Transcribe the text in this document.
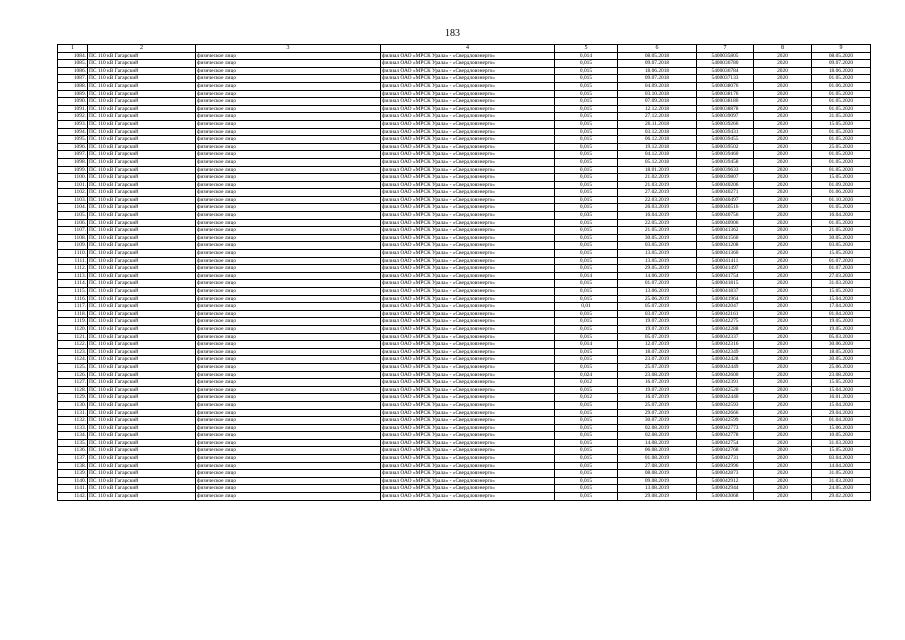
183
1	2	3	4	5	6	7	8	9
1084.	ПС 110 кВ Гагарский	физическое лицо	филиал ОАО «МРСК Урала» - «Свердловэнерго»	0,014	08.05.2018	5400035805	2020	08.05.2020
1085.	ПС 110 кВ Гагарский	физическое лицо	филиал ОАО «МРСК Урала» - «Свердловэнерго»	0,015	09.07.2018	5400036780	2020	09.07.2020
1086.	ПС 110 кВ Гагарский	физическое лицо	филиал ОАО «МРСК Урала» - «Свердловэнерго»	0,015	18.06.2018	5400036784	2020	18.06.2020
1087.	ПС 110 кВ Гагарский	физическое лицо	филиал ОАО «МРСК Урала» - «Свердловэнерго»	0,015	09.07.2018	5400037133	2020	01.05.2020
1088.	ПС 110 кВ Гагарский	физическое лицо	филиал ОАО «МРСК Урала» - «Свердловэнерго»	0,015	04.09.2018	5400038076	2020	01.06.2020
1089.	ПС 110 кВ Гагарский	физическое лицо	филиал ОАО «МРСК Урала» - «Свердловэнерго»	0,015	03.10.2018	5400038176	2020	01.05.2020
1090.	ПС 110 кВ Гагарский	физическое лицо	филиал ОАО «МРСК Урала» - «Свердловэнерго»	0,015	07.09.2018	5400038180	2020	01.05.2020
1091.	ПС 110 кВ Гагарский	физическое лицо	филиал ОАО «МРСК Урала» - «Свердловэнерго»	0,015	12.12.2018	5400038878	2020	01.05.2020
1092.	ПС 110 кВ Гагарский	физическое лицо	филиал ОАО «МРСК Урала» - «Свердловэнерго»	0,015	27.12.2018	5400039097	2020	31.05.2020
1093.	ПС 110 кВ Гагарский	физическое лицо	филиал ОАО «МРСК Урала» - «Свердловэнерго»	0,015	26.11.2018	5400039266	2020	15.05.2020
1094.	ПС 110 кВ Гагарский	физическое лицо	филиал ОАО «МРСК Урала» - «Свердловэнерго»	0,015	03.12.2018	5400039431	2020	01.05.2020
1095.	ПС 110 кВ Гагарский	физическое лицо	филиал ОАО «МРСК Урала» - «Свердловэнерго»	0,015	06.12.2018	5400039455	2020	01.05.2020
1096.	ПС 110 кВ Гагарский	физическое лицо	филиал ОАО «МРСК Урала» - «Свердловэнерго»	0,015	19.12.2018	5400039502	2020	25.05.2020
1097.	ПС 110 кВ Гагарский	физическое лицо	филиал ОАО «МРСК Урала» - «Свердловэнерго»	0,015	04.12.2018	5400039460	2020	01.05.2020
1098.	ПС 110 кВ Гагарский	физическое лицо	филиал ОАО «МРСК Урала» - «Свердловэнерго»	0,015	05.12.2018	5400039458	2020	01.05.2020
1099.	ПС 110 кВ Гагарский	физическое лицо	филиал ОАО «МРСК Урала» - «Свердловэнерго»	0,015	18.01.2019	5400039633	2020	01.05.2020
1100.	ПС 110 кВ Гагарский	физическое лицо	филиал ОАО «МРСК Урала» - «Свердловэнерго»	0,015	21.02.2019	5400039807	2020	15.05.2020
1101.	ПС 110 кВ Гагарский	физическое лицо	филиал ОАО «МРСК Урала» - «Свердловэнерго»	0,015	21.03.2019	5400040206	2020	01.09.2020
1102.	ПС 110 кВ Гагарский	физическое лицо	филиал ОАО «МРСК Урала» - «Свердловэнерго»	0,015	27.02.2019	5400040271	2020	01.06.2020
1103.	ПС 110 кВ Гагарский	физическое лицо	филиал ОАО «МРСК Урала» - «Свердловэнерго»	0,015	22.03.2019	5400040497	2020	01.10.2020
1104.	ПС 110 кВ Гагарский	физическое лицо	филиал ОАО «МРСК Урала» - «Свердловэнерго»	0,015	26.03.2019	5400040516	2020	01.05.2020
1105.	ПС 110 кВ Гагарский	физическое лицо	филиал ОАО «МРСК Урала» - «Свердловэнерго»	0,035	16.04.2019	5400040756	2020	16.04.2020
1106.	ПС 110 кВ Гагарский	физическое лицо	филиал ОАО «МРСК Урала» - «Свердловэнерго»	0,015	22.05.2019	5400040906	2020	01.05.2020
1107.	ПС 110 кВ Гагарский	физическое лицо	филиал ОАО «МРСК Урала» - «Свердловэнерго»	0,015	21.05.2019	5400041362	2020	21.05.2020
1108.	ПС 110 кВ Гагарский	физическое лицо	филиал ОАО «МРСК Урала» - «Свердловэнерго»	0,015	30.05.2019	5400041560	2020	30.05.2020
1109.	ПС 110 кВ Гагарский	физическое лицо	филиал ОАО «МРСК Урала» - «Свердловэнерго»	0,015	03.05.2019	5400041208	2020	03.05.2020
1110.	ПС 110 кВ Гагарский	физическое лицо	филиал ОАО «МРСК Урала» - «Свердловэнерго»	0,015	13.05.2019	5400041360	2020	15.05.2020
1111.	ПС 110 кВ Гагарский	физическое лицо	филиал ОАО «МРСК Урала» - «Свердловэнерго»	0,015	13.05.2019	5400041411	2020	01.07.2020
1112.	ПС 110 кВ Гагарский	физическое лицо	филиал ОАО «МРСК Урала» - «Свердловэнерго»	0,015	29.05.2019	5400041497	2020	01.07.2020
1113.	ПС 110 кВ Гагарский	физическое лицо	филиал ОАО «МРСК Урала» - «Свердловэнерго»	0,014	14.06.2019	5400041754	2020	27.03.2020
1114.	ПС 110 кВ Гагарский	физическое лицо	филиал ОАО «МРСК Урала» - «Свердловэнерго»	0,015	01.07.2019	5400041815	2020	31.03.2020
1115.	ПС 110 кВ Гагарский	физическое лицо	филиал ОАО «МРСК Урала» - «Свердловэнерго»	0,015	13.06.2019	5400041837	2020	15.05.2020
1116.	ПС 110 кВ Гагарский	физическое лицо	филиал ОАО «МРСК Урала» - «Свердловэнерго»	0,015	25.06.2019	5400041964	2020	15.04.2020
1117.	ПС 110 кВ Гагарский	физическое лицо	филиал ОАО «МРСК Урала» - «Свердловэнерго»	0,01	05.07.2019	5400042047	2020	17.04.2020
1118.	ПС 110 кВ Гагарский	физическое лицо	филиал ОАО «МРСК Урала» - «Свердловэнерго»	0,015	03.07.2019	5400042161	2020	01.04.2020
1119.	ПС 110 кВ Гагарский	физическое лицо	филиал ОАО «МРСК Урала» - «Свердловэнерго»	0,015	19.07.2019	5400042275	2020	19.05.2020
1120.	ПС 110 кВ Гагарский	физическое лицо	филиал ОАО «МРСК Урала» - «Свердловэнерго»	0,015	19.07.2019	5400042288	2020	19.05.2020
1121.	ПС 110 кВ Гагарский	физическое лицо	филиал ОАО «МРСК Урала» - «Свердловэнерго»	0,015	05.07.2019	5400042337	2020	05.03.2020
1122.	ПС 110 кВ Гагарский	физическое лицо	филиал ОАО «МРСК Урала» - «Свердловэнерго»	0,014	12.07.2019	5400042316	2020	30.06.2020
1123.	ПС 110 кВ Гагарский	физическое лицо	филиал ОАО «МРСК Урала» - «Свердловэнерго»	0,015	18.07.2019	5400042349	2020	18.05.2020
1124.	ПС 110 кВ Гагарский	физическое лицо	филиал ОАО «МРСК Урала» - «Свердловэнерго»	0,015	23.07.2019	5400042428	2020	30.05.2020
1125.	ПС 110 кВ Гагарский	физическое лицо	филиал ОАО «МРСК Урала» - «Свердловэнерго»	0,015	25.07.2019	5400042449	2020	25.06.2020
1126.	ПС 110 кВ Гагарский	физическое лицо	филиал ОАО «МРСК Урала» - «Свердловэнерго»	0,024	23.08.2019	5400042600	2020	23.08.2020
1127.	ПС 110 кВ Гагарский	физическое лицо	филиал ОАО «МРСК Урала» - «Свердловэнерго»	0,012	16.07.2019	5400042391	2020	15.05.2020
1128.	ПС 110 кВ Гагарский	физическое лицо	филиал ОАО «МРСК Урала» - «Свердловэнерго»	0,015	19.07.2019	5400042520	2020	15.04.2020
1129.	ПС 110 кВ Гагарский	физическое лицо	филиал ОАО «МРСК Урала» - «Свердловэнерго»	0,012	16.07.2019	5400042440	2020	16.01.2020
1130.	ПС 110 кВ Гагарский	физическое лицо	филиал ОАО «МРСК Урала» - «Свердловэнерго»	0,015	25.07.2019	5400042593	2020	15.04.2020
1131.	ПС 110 кВ Гагарский	физическое лицо	филиал ОАО «МРСК Урала» - «Свердловэнерго»	0,015	29.07.2019	5400042666	2020	29.04.2020
1132.	ПС 110 кВ Гагарский	физическое лицо	филиал ОАО «МРСК Урала» - «Свердловэнерго»	0,015	30.07.2019	5400042599	2020	01.04.2020
1133.	ПС 110 кВ Гагарский	физическое лицо	филиал ОАО «МРСК Урала» - «Свердловэнерго»	0,015	02.08.2019	5400042773	2020	15.06.2020
1134.	ПС 110 кВ Гагарский	физическое лицо	филиал ОАО «МРСК Урала» - «Свердловэнерго»	0,015	02.08.2019	5400042778	2020	10.05.2020
1135.	ПС 110 кВ Гагарский	физическое лицо	филиал ОАО «МРСК Урала» - «Свердловэнерго»	0,015	14.08.2019	5400042754	2020	31.03.2020
1136.	ПС 110 кВ Гагарский	физическое лицо	филиал ОАО «МРСК Урала» - «Свердловэнерго»	0,015	06.08.2019	5400042768	2020	15.05.2020
1137.	ПС 110 кВ Гагарский	физическое лицо	филиал ОАО «МРСК Урала» - «Свердловэнерго»	0,015	01.08.2019	5400042731	2020	03.04.2020
1138.	ПС 110 кВ Гагарский	физическое лицо	филиал ОАО «МРСК Урала» - «Свердловэнерго»	0,015	27.08.2019	5400042996	2020	14.04.2020
1139.	ПС 110 кВ Гагарский	физическое лицо	филиал ОАО «МРСК Урала» - «Свердловэнерго»	0,015	08.08.2019	5400042873	2020	31.05.2020
1140.	ПС 110 кВ Гагарский	физическое лицо	филиал ОАО «МРСК Урала» - «Свердловэнерго»	0,015	09.08.2019	5400042912	2020	31.03.2020
1141.	ПС 110 кВ Гагарский	физическое лицо	филиал ОАО «МРСК Урала» - «Свердловэнерго»	0,015	13.08.2019	5400042944	2020	24.05.2020
1142.	ПС 110 кВ Гагарский	физическое лицо	филиал ОАО «МРСК Урала» - «Свердловэнерго»	0,015	29.08.2019	5400043068	2020	29.02.2020
